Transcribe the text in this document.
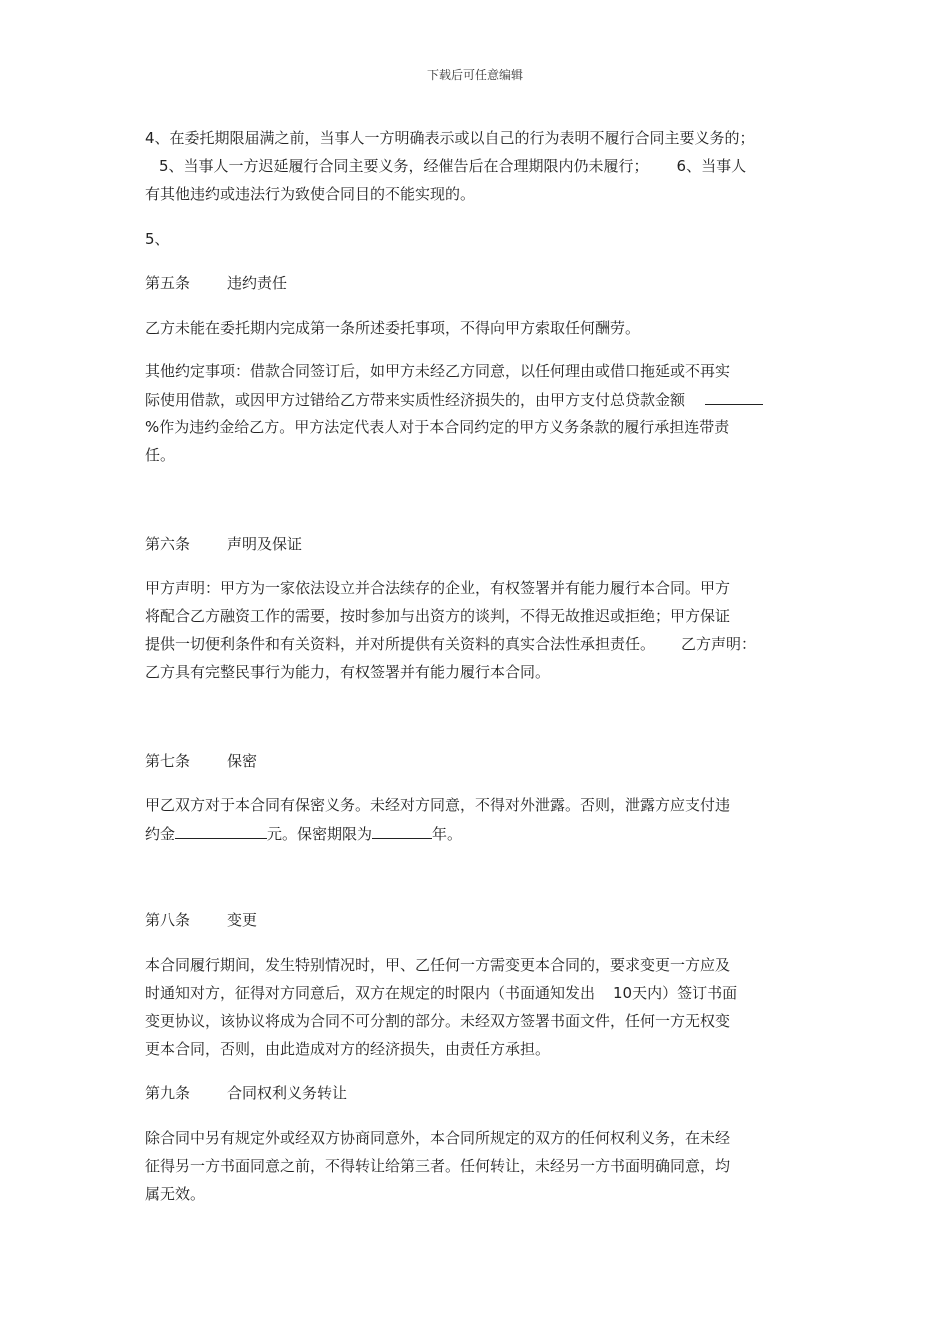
下载后可任意编辑
4、在委托期限届满之前，当事人一方明确表示或以自己的行为表明不履行合同主要义务的；
5、当事人一方迟延履行合同主要义务，经催告后在合理期限内仍未履行； 6、当事人
有其他违约或违法行为致使合同目的不能实现的。
5、
第五条 违约责任
乙方未能在委托期内完成第一条所述委托事项，不得向甲方索取任何酬劳。
其他约定事项：借款合同签订后，如甲方未经乙方同意，以任何理由或借口拖延或不再实
际使用借款，或因甲方过错给乙方带来实质性经济损失的，由甲方支付总贷款金额
%作为违约金给乙方。甲方法定代表人对于本合同约定的甲方义务条款的履行承担连带责
任。
第六条 声明及保证
甲方声明：甲方为一家依法设立并合法续存的企业，有权签署并有能力履行本合同。甲方
将配合乙方融资工作的需要，按时参加与出资方的谈判，不得无故推迟或拒绝；甲方保证
提供一切便利条件和有关资料，并对所提供有关资料的真实合法性承担责任。 乙方声明：
乙方具有完整民事行为能力，有权签署并有能力履行本合同。
第七条 保密
甲乙双方对于本合同有保密义务。未经对方同意，不得对外泄露。否则，泄露方应支付违
约金	元。保密期限为	年。
第八条 变更
本合同履行期间，发生特别情况时，甲、乙任何一方需变更本合同的，要求变更一方应及
时通知对方，征得对方同意后，双方在规定的时限内（书面通知发出 10天内）签订书面
变更协议，该协议将成为合同不可分割的部分。未经双方签署书面文件，任何一方无权变
更本合同，否则，由此造成对方的经济损失，由责任方承担。
第九条 合同权利义务转让
除合同中另有规定外或经双方协商同意外，本合同所规定的双方的任何权利义务，在未经
征得另一方书面同意之前，不得转让给第三者。任何转让，未经另一方书面明确同意，均
属无效。
